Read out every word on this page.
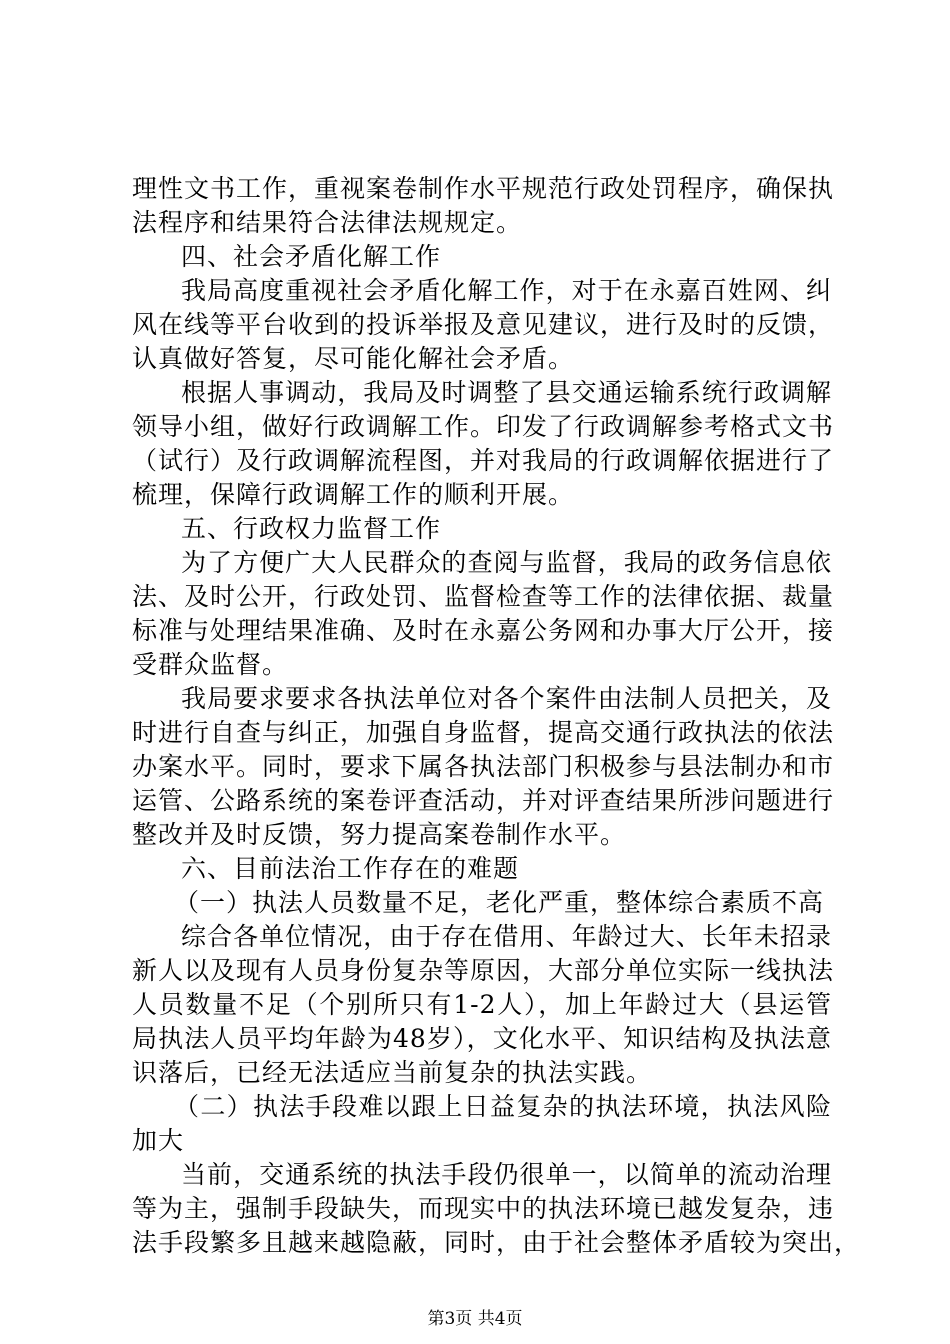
理性文书工作，重视案卷制作水平规范行政处罚程序，确保执
法程序和结果符合法律法规规定。
四、社会矛盾化解工作
我局高度重视社会矛盾化解工作，对于在永嘉百姓网、纠
风在线等平台收到的投诉举报及意见建议，进行及时的反馈，
认真做好答复，尽可能化解社会矛盾。
根据人事调动，我局及时调整了县交通运输系统行政调解
领导小组，做好行政调解工作。印发了行政调解参考格式文书
（试行）及行政调解流程图，并对我局的行政调解依据进行了
梳理，保障行政调解工作的顺利开展。
五、行政权力监督工作
为了方便广大人民群众的查阅与监督，我局的政务信息依
法、及时公开，行政处罚、监督检查等工作的法律依据、裁量
标准与处理结果准确、及时在永嘉公务网和办事大厅公开，接
受群众监督。
我局要求要求各执法单位对各个案件由法制人员把关，及
时进行自查与纠正，加强自身监督，提高交通行政执法的依法
办案水平。同时，要求下属各执法部门积极参与县法制办和市
运管、公路系统的案卷评查活动，并对评查结果所涉问题进行
整改并及时反馈，努力提高案卷制作水平。
六、目前法治工作存在的难题
（一）执法人员数量不足，老化严重，整体综合素质不高
综合各单位情况，由于存在借用、年龄过大、长年未招录
新人以及现有人员身份复杂等原因，大部分单位实际一线执法
人员数量不足（个别所只有1-2人），加上年龄过大（县运管
局执法人员平均年龄为48岁），文化水平、知识结构及执法意
识落后，已经无法适应当前复杂的执法实践。
（二）执法手段难以跟上日益复杂的执法环境，执法风险
加大
当前，交通系统的执法手段仍很单一，以简单的流动治理
等为主，强制手段缺失，而现实中的执法环境已越发复杂，违
法手段繁多且越来越隐蔽，同时，由于社会整体矛盾较为突出，
第3页 共4页
